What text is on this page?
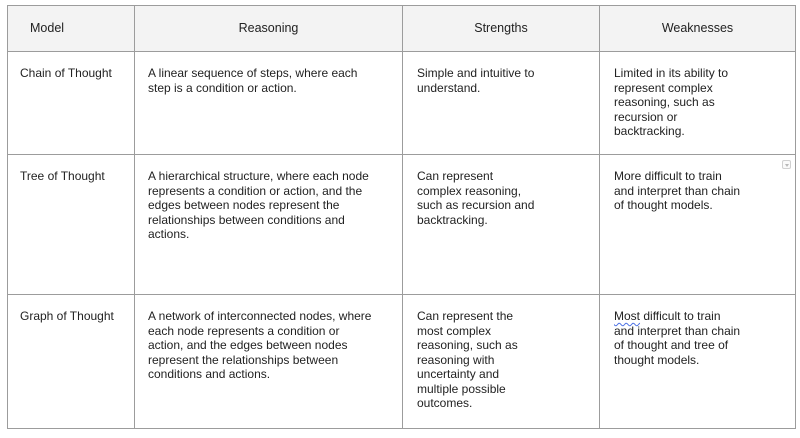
Model	Reasoning	Strengths	Weaknesses

Chain of Thought	A linear sequence of steps, where each step is a condition or action.	Simple and intuitive to understand.	Limited in its ability to represent complex reasoning, such as recursion or backtracking.

Tree of Thought	A hierarchical structure, where each node represents a condition or action, and the edges between nodes represent the relationships between conditions and actions.	Can represent complex reasoning, such as recursion and backtracking.	More difficult to train and interpret than chain of thought models.

Graph of Thought	A network of interconnected nodes, where each node represents a condition or action, and the edges between nodes represent the relationships between conditions and actions.	Can represent the most complex reasoning, such as reasoning with uncertainty and multiple possible outcomes.	Most difficult to train and interpret than chain of thought and tree of thought models.
